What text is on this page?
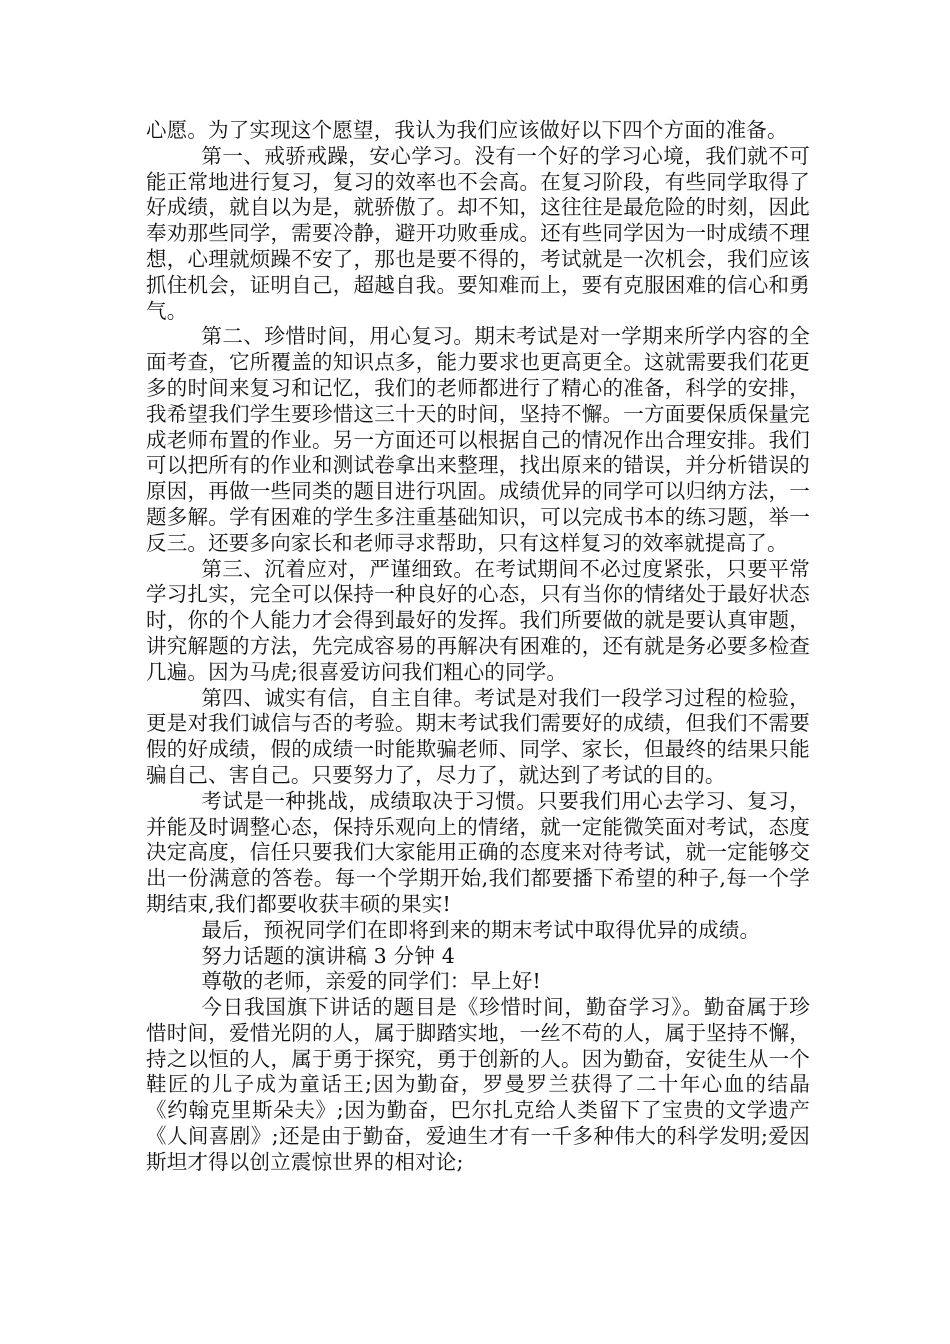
心愿。为了实现这个愿望，我认为我们应该做好以下四个方面的准备。

第一、戒骄戒躁，安心学习。没有一个好的学习心境，我们就不可能正常地进行复习，复习的效率也不会高。在复习阶段，有些同学取得了好成绩，就自以为是，就骄傲了。却不知，这往往是最危险的时刻，因此奉劝那些同学，需要冷静，避开功败垂成。还有些同学因为一时成绩不理想，心理就烦躁不安了，那也是要不得的，考试就是一次机会，我们应该抓住机会，证明自己，超越自我。要知难而上，要有克服困难的信心和勇气。

第二、珍惜时间，用心复习。期末考试是对一学期来所学内容的全面考查，它所覆盖的知识点多，能力要求也更高更全。这就需要我们花更多的时间来复习和记忆，我们的老师都进行了精心的准备，科学的安排，我希望我们学生要珍惜这三十天的时间，坚持不懈。一方面要保质保量完成老师布置的作业。另一方面还可以根据自己的情况作出合理安排。我们可以把所有的作业和测试卷拿出来整理，找出原来的错误，并分析错误的原因，再做一些同类的题目进行巩固。成绩优异的同学可以归纳方法，一题多解。学有困难的学生多注重基础知识，可以完成书本的练习题，举一反三。还要多向家长和老师寻求帮助，只有这样复习的效率就提高了。

第三、沉着应对，严谨细致。在考试期间不必过度紧张，只要平常学习扎实，完全可以保持一种良好的心态，只有当你的情绪处于最好状态时，你的个人能力才会得到最好的发挥。我们所要做的就是要认真审题，讲究解题的方法，先完成容易的再解决有困难的，还有就是务必要多检查几遍。因为马虎;很喜爱访问我们粗心的同学。

第四、诚实有信，自主自律。考试是对我们一段学习过程的检验，更是对我们诚信与否的考验。期末考试我们需要好的成绩，但我们不需要假的好成绩，假的成绩一时能欺骗老师、同学、家长，但最终的结果只能骗自己、害自己。只要努力了，尽力了，就达到了考试的目的。

考试是一种挑战，成绩取决于习惯。只要我们用心去学习、复习，并能及时调整心态，保持乐观向上的情绪，就一定能微笑面对考试，态度决定高度，信任只要我们大家能用正确的态度来对待考试，就一定能够交出一份满意的答卷。每一个学期开始,我们都要播下希望的种子,每一个学期结束,我们都要收获丰硕的果实!

最后，预祝同学们在即将到来的期末考试中取得优异的成绩。

努力话题的演讲稿 3 分钟 4

尊敬的老师，亲爱的同学们：早上好!

今日我国旗下讲话的题目是《珍惜时间，勤奋学习》。勤奋属于珍惜时间，爱惜光阴的人，属于脚踏实地，一丝不苟的人，属于坚持不懈，持之以恒的人，属于勇于探究，勇于创新的人。因为勤奋，安徒生从一个鞋匠的儿子成为童话王;因为勤奋，罗曼罗兰获得了二十年心血的结晶《约翰克里斯朵夫》;因为勤奋，巴尔扎克给人类留下了宝贵的文学遗产《人间喜剧》;还是由于勤奋，爱迪生才有一千多种伟大的科学发明;爱因斯坦才得以创立震惊世界的相对论;
